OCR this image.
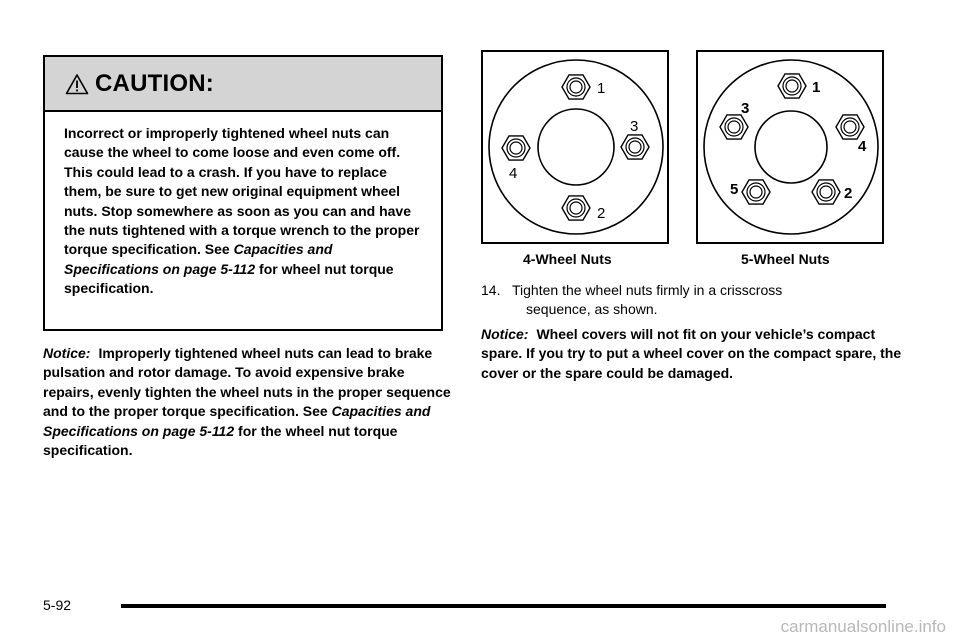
CAUTION:

Incorrect or improperly tightened wheel nuts can cause the wheel to come loose and even come off. This could lead to a crash. If you have to replace them, be sure to get new original equipment wheel nuts. Stop somewhere as soon as you can and have the nuts tightened with a torque wrench to the proper torque specification. See Capacities and Specifications on page 5-112 for wheel nut torque specification.

Notice: Improperly tightened wheel nuts can lead to brake pulsation and rotor damage. To avoid expensive brake repairs, evenly tighten the wheel nuts in the proper sequence and to the proper torque specification. See Capacities and Specifications on page 5-112 for the wheel nut torque specification.

1
3
4
2
4-Wheel Nuts
1
3
4
5	2
5-Wheel Nuts

14. Tighten the wheel nuts firmly in a crisscross
sequence, as shown.

Notice: Wheel covers will not fit on your vehicle’s compact spare. If you try to put a wheel cover on the compact spare, the cover or the spare could be damaged.

5-92
carmanualsonline.info
